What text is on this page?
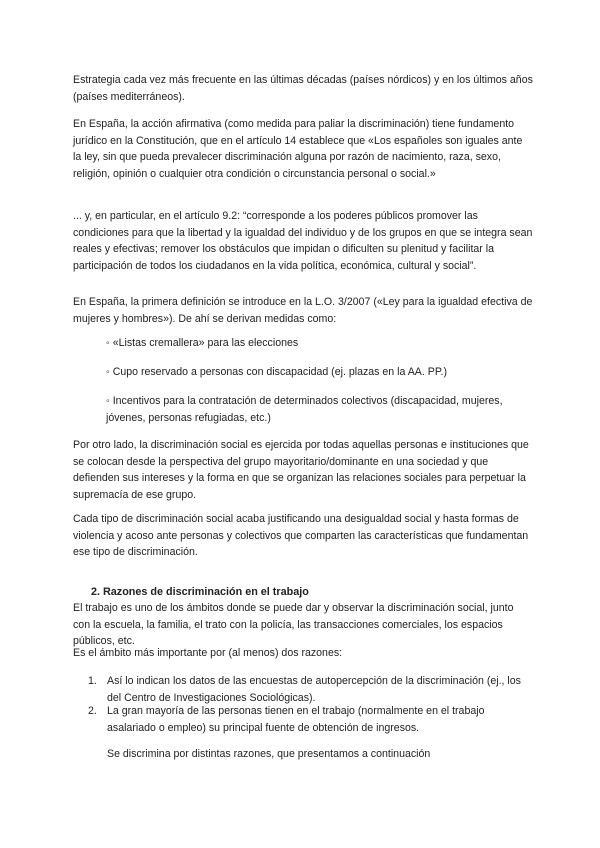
Estrategia cada vez más frecuente en las últimas décadas (países nórdicos) y en los últimos años (países mediterráneos).

En España, la acción afirmativa (como medida para paliar la discriminación) tiene fundamento jurídico en la Constitución, que en el artículo 14 establece que «Los españoles son iguales ante la ley, sin que pueda prevalecer discriminación alguna por razón de nacimiento, raza, sexo, religión, opinión o cualquier otra condición o circunstancia personal o social.»

... y, en particular, en el artículo 9.2: “corresponde a los poderes públicos promover las condiciones para que la libertad y la igualdad del individuo y de los grupos en que se integra sean reales y efectivas; remover los obstáculos que impidan o dificulten su plenitud y facilitar la participación de todos los ciudadanos en la vida política, económica, cultural y social”.

En España, la primera definición se introduce en la L.O. 3/2007 («Ley para la igualdad efectiva de mujeres y hombres»). De ahí se derivan medidas como:

◦ «Listas cremallera» para las elecciones

◦ Cupo reservado a personas con discapacidad (ej. plazas en la AA. PP.)

◦ Incentivos para la contratación de determinados colectivos (discapacidad, mujeres, jóvenes, personas refugiadas, etc.)

Por otro lado, la discriminación social es ejercida por todas aquellas personas e instituciones que se colocan desde la perspectiva del grupo mayoritario/dominante en una sociedad y que defienden sus intereses y la forma en que se organizan las relaciones sociales para perpetuar la supremacía de ese grupo.

Cada tipo de discriminación social acaba justificando una desigualdad social y hasta formas de violencia y acoso ante personas y colectivos que comparten las características que fundamentan ese tipo de discriminación.

2. Razones de discriminación en el trabajo

El trabajo es uno de los ámbitos donde se puede dar y observar la discriminación social, junto con la escuela, la familia, el trato con la policía, las transacciones comerciales, los espacios públicos, etc.

Es el ámbito más importante por (al menos) dos razones:

1. Así lo indican los datos de las encuestas de autopercepción de la discriminación (ej., los del Centro de Investigaciones Sociológicas).

2. La gran mayoría de las personas tienen en el trabajo (normalmente en el trabajo asalariado o empleo) su principal fuente de obtención de ingresos.

Se discrimina por distintas razones, que presentamos a continuación
